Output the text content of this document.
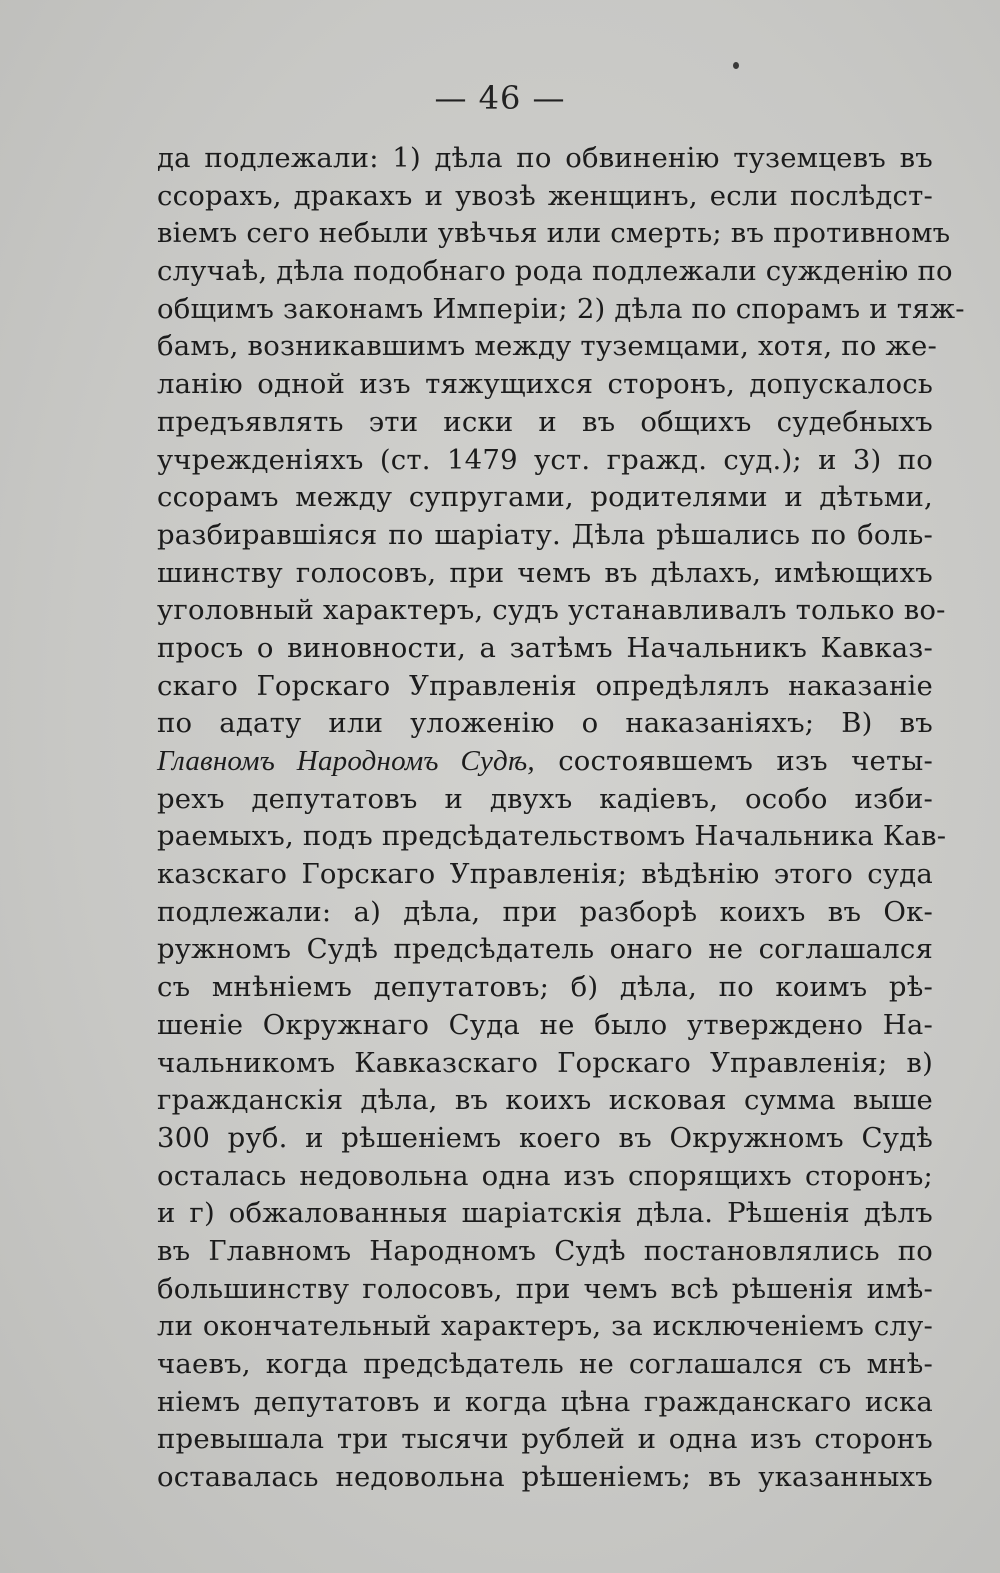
— 46 —
да подлежали: 1) дѣла по обвиненію туземцевъ въ
ссорахъ, дракахъ и увозѣ женщинъ, если послѣдст-
віемъ сего небыли увѣчья или смерть; въ противномъ
случаѣ, дѣла подобнаго рода подлежали сужденію по
общимъ законамъ Имперіи; 2) дѣла по спорамъ и тяж-
бамъ, возникавшимъ между туземцами, хотя, по же-
ланію одной изъ тяжущихся сторонъ, допускалось
предъявлять эти иски и въ общихъ судебныхъ
учрежденіяхъ (ст. 1479 уст. гражд. суд.); и 3) по
ссорамъ между супругами, родителями и дѣтьми,
разбиравшіяся по шаріату. Дѣла рѣшались по боль-
шинству голосовъ, при чемъ въ дѣлахъ, имѣющихъ
уголовный характеръ, судъ устанавливалъ только во-
просъ о виновности, а затѣмъ Начальникъ Кавказ-
скаго Горскаго Управленія опредѣлялъ наказаніе
по адату или уложенію о наказаніяхъ; B) въ
Главномъ Народномъ Судѣ, состоявшемъ изъ четы-
рехъ депутатовъ и двухъ кадіевъ, особо изби-
раемыхъ, подъ предсѣдательствомъ Начальника Кав-
казскаго Горскаго Управленія; вѣдѣнію этого суда
подлежали: а) дѣла, при разборѣ коихъ въ Ок-
ружномъ Судѣ предсѣдатель онаго не соглашался
съ мнѣніемъ депутатовъ; б) дѣла, по коимъ рѣ-
шеніе Окружнаго Суда не было утверждено На-
чальникомъ Кавказскаго Горскаго Управленія; в)
гражданскія дѣла, въ коихъ исковая сумма выше
300 руб. и рѣшеніемъ коего въ Окружномъ Судѣ
осталась недовольна одна изъ спорящихъ сторонъ;
и г) обжалованныя шаріатскія дѣла. Рѣшенія дѣлъ
въ Главномъ Народномъ Судѣ постановлялись по
большинству голосовъ, при чемъ всѣ рѣшенія имѣ-
ли окончательный характеръ, за исключеніемъ слу-
чаевъ, когда предсѣдатель не соглашался съ мнѣ-
ніемъ депутатовъ и когда цѣна гражданскаго иска
превышала три тысячи рублей и одна изъ сторонъ
оставалась недовольна рѣшеніемъ; въ указанныхъ
